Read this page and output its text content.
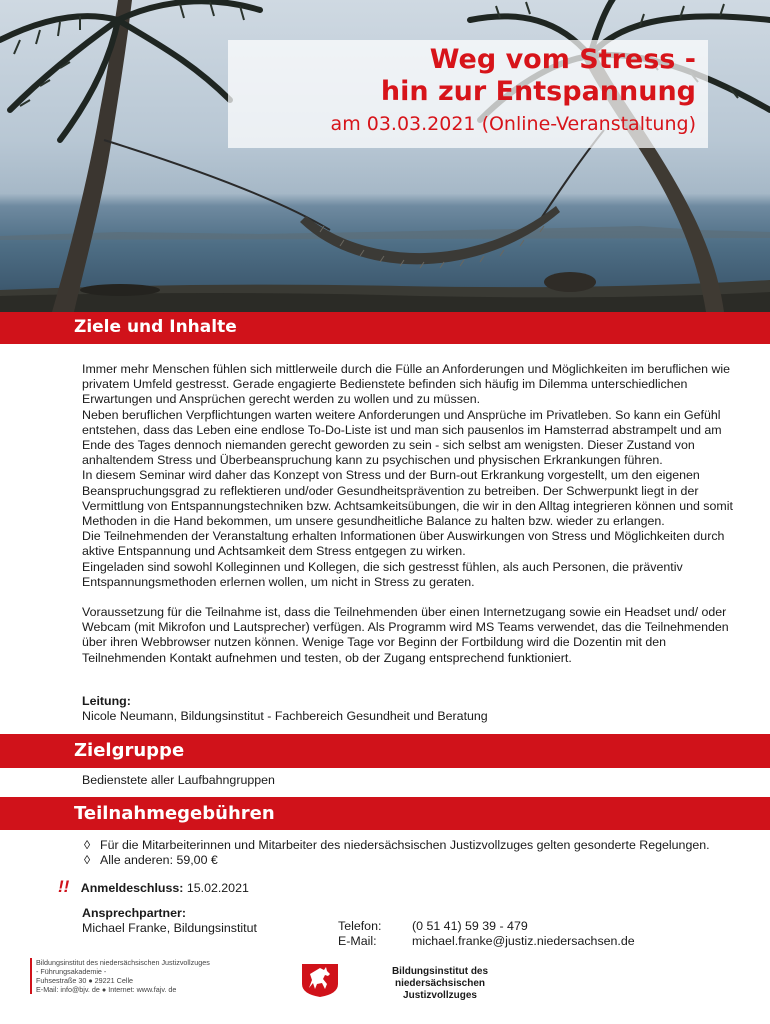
Weg vom Stress -
hin zur Entspannung
am 03.03.2021 (Online-Veranstaltung)
Ziele und Inhalte

Immer mehr Menschen fühlen sich mittlerweile durch die Fülle an Anforderungen und Möglichkeiten im beruflichen wie privatem Umfeld gestresst. Gerade engagierte Bedienstete befinden sich häufig im Dilemma unterschiedlichen Erwartungen und Ansprüchen gerecht werden zu wollen und zu müssen.

Neben beruflichen Verpflichtungen warten weitere Anforderungen und Ansprüche im Privatleben. So kann ein Gefühl entstehen, dass das Leben eine endlose To-Do-Liste ist und man sich pausenlos im Hamsterrad abstrampelt und am Ende des Tages dennoch niemanden gerecht geworden zu sein - sich selbst am wenigsten. Dieser Zustand von anhaltendem Stress und Überbeanspruchung kann zu psychischen und physischen Erkrankungen führen.

In diesem Seminar wird daher das Konzept von Stress und der Burn-out Erkrankung vorgestellt, um den eigenen Beanspruchungsgrad zu reflektieren und/oder Gesundheitsprävention zu betreiben. Der Schwerpunkt liegt in der Vermittlung von Entspannungstechniken bzw. Achtsamkeitsübungen, die wir in den Alltag integrieren können und somit Methoden in die Hand bekommen, um unsere gesundheitliche Balance zu halten bzw. wieder zu erlangen.

Die Teilnehmenden der Veranstaltung erhalten Informationen über Auswirkungen von Stress und Möglichkeiten durch aktive Entspannung und Achtsamkeit dem Stress entgegen zu wirken.

Eingeladen sind sowohl Kolleginnen und Kollegen, die sich gestresst fühlen, als auch Personen, die präventiv Entspannungsmethoden erlernen wollen, um nicht in Stress zu geraten.

Voraussetzung für die Teilnahme ist, dass die Teilnehmenden über einen Internetzugang sowie ein Headset und/ oder Webcam (mit Mikrofon und Lautsprecher) verfügen. Als Programm wird MS Teams verwendet, das die Teilnehmenden über ihren Webbrowser nutzen können. Wenige Tage vor Beginn der Fortbildung wird die Dozentin mit den Teilnehmenden Kontakt aufnehmen und testen, ob der Zugang entsprechend funktioniert.

Leitung:
Nicole Neumann, Bildungsinstitut - Fachbereich Gesundheit und Beratung
Zielgruppe
Bedienstete aller Laufbahngruppen
Teilnahmegebühren
◊ Für die Mitarbeiterinnen und Mitarbeiter des niedersächsischen Justizvollzuges gelten gesonderte Regelungen.
◊ Alle anderen: 59,00 €
!! Anmeldeschluss: 15.02.2021
Ansprechpartner:
Michael Franke, Bildungsinstitut	Telefon:
E-Mail:
(0 51 41) 59 39 - 479
michael.franke@justiz.niedersachsen.de
Bildungsinstitut des niedersächsischen Justizvollzuges
- Führungsakademie -
Fuhsestraße 30 ● 29221 Celle
E-Mail: info@bjv. de ● Internet: www.fajv. de
Bildungsinstitut des
niedersächsischen Justizvollzuges
